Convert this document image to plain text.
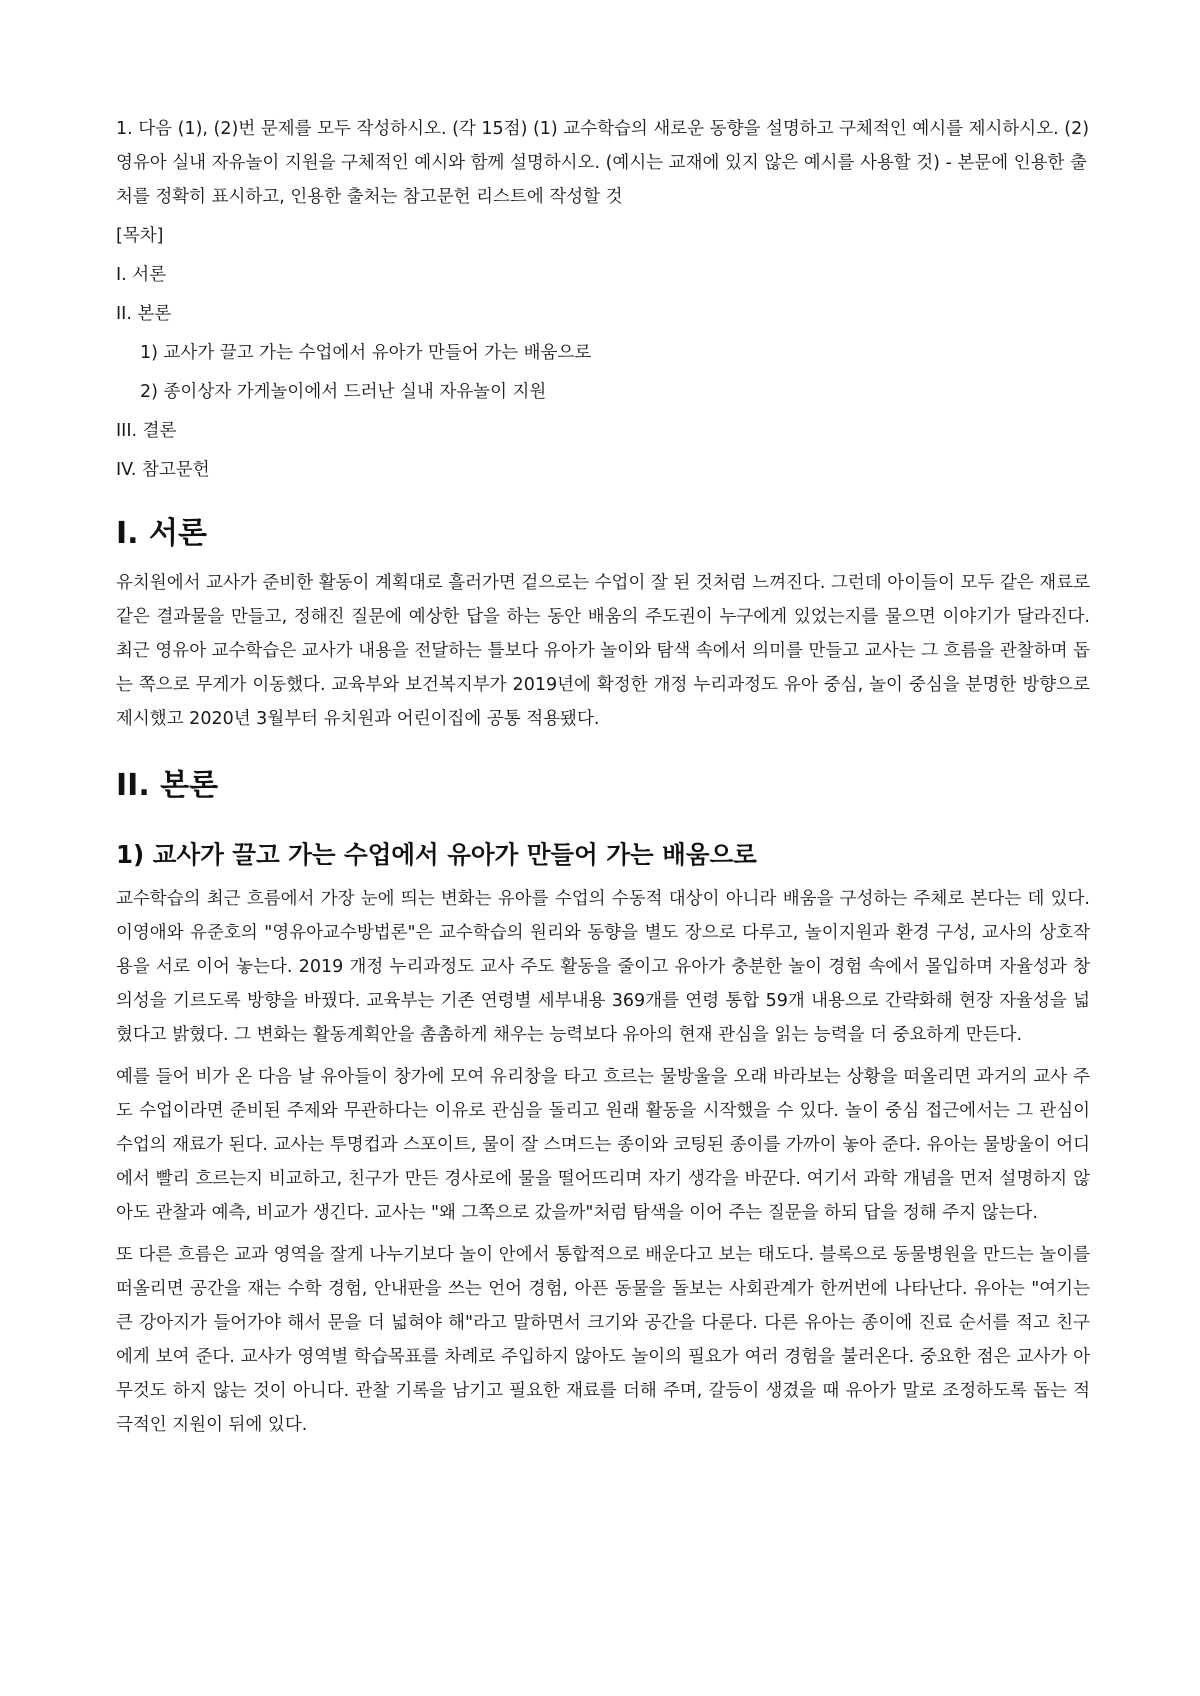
1. 다음 (1), (2)번 문제를 모두 작성하시오. (각 15점) (1) 교수학습의 새로운 동향을 설명하고 구체적인 예시를 제시하시오. (2) 영유아 실내 자유놀이 지원을 구체적인 예시와 함께 설명하시오. (예시는 교재에 있지 않은 예시를 사용할 것) - 본문에 인용한 출처를 정확히 표시하고, 인용한 출처는 참고문헌 리스트에 작성할 것

[목차]
I. 서론
II. 본론
1) 교사가 끌고 가는 수업에서 유아가 만들어 가는 배움으로
2) 종이상자 가게놀이에서 드러난 실내 자유놀이 지원
III. 결론
IV. 참고문헌
I. 서론

유치원에서 교사가 준비한 활동이 계획대로 흘러가면 겉으로는 수업이 잘 된 것처럼 느껴진다. 그런데 아이들이 모두 같은 재료로 같은 결과물을 만들고, 정해진 질문에 예상한 답을 하는 동안 배움의 주도권이 누구에게 있었는지를 물으면 이야기가 달라진다. 최근 영유아 교수학습은 교사가 내용을 전달하는 틀보다 유아가 놀이와 탐색 속에서 의미를 만들고 교사는 그 흐름을 관찰하며 돕는 쪽으로 무게가 이동했다. 교육부와 보건복지부가 2019년에 확정한 개정 누리과정도 유아 중심, 놀이 중심을 분명한 방향으로 제시했고 2020년 3월부터 유치원과 어린이집에 공통 적용됐다.

II. 본론
1) 교사가 끌고 가는 수업에서 유아가 만들어 가는 배움으로

교수학습의 최근 흐름에서 가장 눈에 띄는 변화는 유아를 수업의 수동적 대상이 아니라 배움을 구성하는 주체로 본다는 데 있다. 이영애와 유준호의 "영유아교수방법론"은 교수학습의 원리와 동향을 별도 장으로 다루고, 놀이지원과 환경 구성, 교사의 상호작용을 서로 이어 놓는다. 2019 개정 누리과정도 교사 주도 활동을 줄이고 유아가 충분한 놀이 경험 속에서 몰입하며 자율성과 창의성을 기르도록 방향을 바꿨다. 교육부는 기존 연령별 세부내용 369개를 연령 통합 59개 내용으로 간략화해 현장 자율성을 넓혔다고 밝혔다. 그 변화는 활동계획안을 촘촘하게 채우는 능력보다 유아의 현재 관심을 읽는 능력을 더 중요하게 만든다.

예를 들어 비가 온 다음 날 유아들이 창가에 모여 유리창을 타고 흐르는 물방울을 오래 바라보는 상황을 떠올리면 과거의 교사 주도 수업이라면 준비된 주제와 무관하다는 이유로 관심을 돌리고 원래 활동을 시작했을 수 있다. 놀이 중심 접근에서는 그 관심이 수업의 재료가 된다. 교사는 투명컵과 스포이트, 물이 잘 스며드는 종이와 코팅된 종이를 가까이 놓아 준다. 유아는 물방울이 어디에서 빨리 흐르는지 비교하고, 친구가 만든 경사로에 물을 떨어뜨리며 자기 생각을 바꾼다. 여기서 과학 개념을 먼저 설명하지 않아도 관찰과 예측, 비교가 생긴다. 교사는 "왜 그쪽으로 갔을까"처럼 탐색을 이어 주는 질문을 하되 답을 정해 주지 않는다.

또 다른 흐름은 교과 영역을 잘게 나누기보다 놀이 안에서 통합적으로 배운다고 보는 태도다. 블록으로 동물병원을 만드는 놀이를 떠올리면 공간을 재는 수학 경험, 안내판을 쓰는 언어 경험, 아픈 동물을 돌보는 사회관계가 한꺼번에 나타난다. 유아는 "여기는 큰 강아지가 들어가야 해서 문을 더 넓혀야 해"라고 말하면서 크기와 공간을 다룬다. 다른 유아는 종이에 진료 순서를 적고 친구에게 보여 준다. 교사가 영역별 학습목표를 차례로 주입하지 않아도 놀이의 필요가 여러 경험을 불러온다. 중요한 점은 교사가 아무것도 하지 않는 것이 아니다. 관찰 기록을 남기고 필요한 재료를 더해 주며, 갈등이 생겼을 때 유아가 말로 조정하도록 돕는 적극적인 지원이 뒤에 있다.
